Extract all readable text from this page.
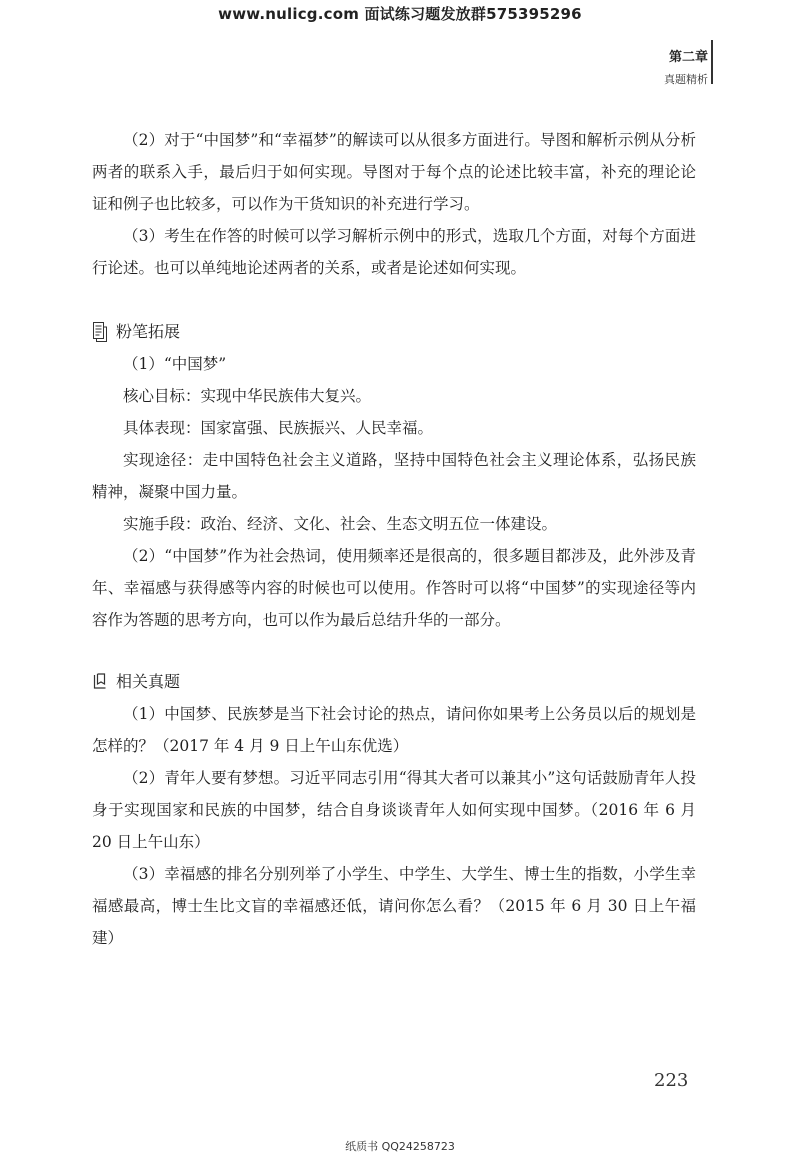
www.nulicg.com 面试练习题发放群575395296
第二章
真题精析

（2）对于“中国梦”和“幸福梦”的解读可以从很多方面进行。导图和解析示例从分析两者的联系入手，最后归于如何实现。导图对于每个点的论述比较丰富，补充的理论论证和例子也比较多，可以作为干货知识的补充进行学习。

（3）考生在作答的时候可以学习解析示例中的形式，选取几个方面，对每个方面进行论述。也可以单纯地论述两者的关系，或者是论述如何实现。

粉笔拓展

（1）“中国梦”

核心目标：实现中华民族伟大复兴。

具体表现：国家富强、民族振兴、人民幸福。

实现途径：走中国特色社会主义道路，坚持中国特色社会主义理论体系，弘扬民族精神，凝聚中国力量。

实施手段：政治、经济、文化、社会、生态文明五位一体建设。

（2）“中国梦”作为社会热词，使用频率还是很高的，很多题目都涉及，此外涉及青年、幸福感与获得感等内容的时候也可以使用。作答时可以将“中国梦”的实现途径等内容作为答题的思考方向，也可以作为最后总结升华的一部分。

相关真题

（1）中国梦、民族梦是当下社会讨论的热点，请问你如果考上公务员以后的规划是怎样的？（2017 年 4 月 9 日上午山东优选）

（2）青年人要有梦想。习近平同志引用“得其大者可以兼其小”这句话鼓励青年人投身于实现国家和民族的中国梦，结合自身谈谈青年人如何实现中国梦。（2016 年 6 月 20 日上午山东）

（3）幸福感的排名分别列举了小学生、中学生、大学生、博士生的指数，小学生幸福感最高，博士生比文盲的幸福感还低，请问你怎么看？（2015 年 6 月 30 日上午福建）

223
纸质书 QQ24258723
